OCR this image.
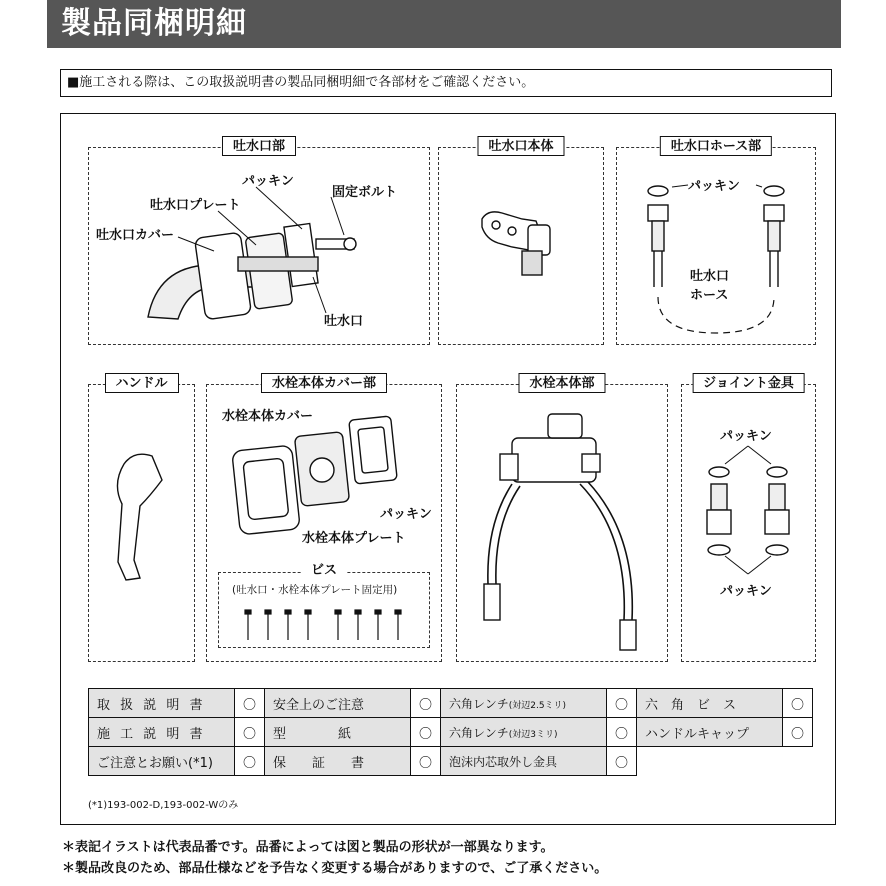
製品同梱明細
■施工される際は、この取扱説明書の製品同梱明細で各部材をご確認ください。
吐水口部
パッキン
固定ボルト
吐水口プレート
吐水口カバー
吐水口
吐水口本体	吐水口ホース部
パッキン
吐水口
ホース
ハンドル	水栓本体カバー部
水栓本体カバー
パッキン
水栓本体プレート
ビス
(吐水口・水栓本体プレート固定用)
水栓本体部	ジョイント金具
パッキン
パッキン
取 扱 説 明 書	〇	安全上のご注意	〇	六角レンチ(対辺2.5ミリ)	〇	六　角　ビ　ス	〇
施 工 説 明 書	〇	型　　　　紙	〇	六角レンチ(対辺3ミリ)	〇	ハンドルキャップ	〇
ご注意とお願い(*1)	〇	保　　証　　書	〇	泡沫内芯取外し金具	〇		
(*1)193-002-D,193-002-Wのみ
＊表記イラストは代表品番です。品番によっては図と製品の形状が一部異なります。
＊製品改良のため、部品仕様などを予告なく変更する場合がありますので、ご了承ください。
